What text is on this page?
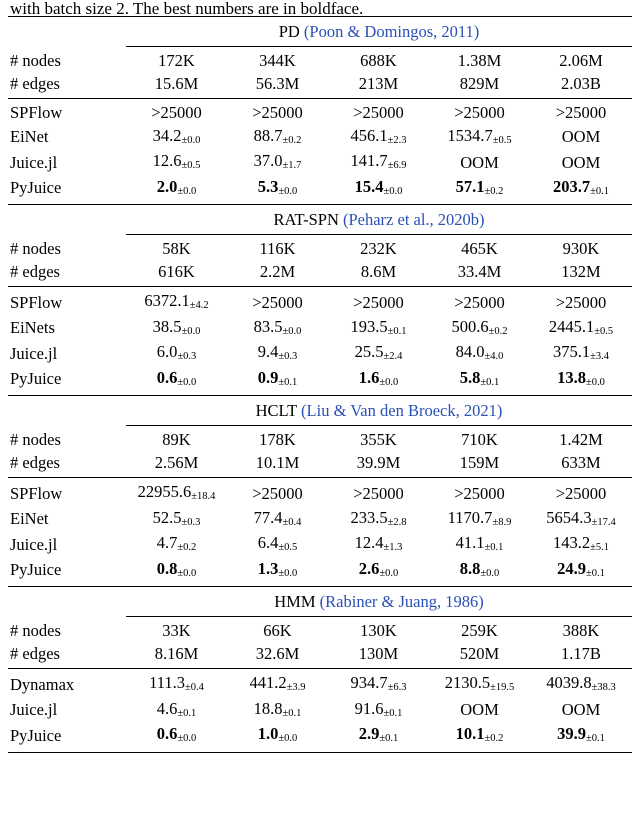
with batch size 2. The best numbers are in boldface.

	PD (Poon & Domingos, 2011)				

# nodes	172K	344K	688K	1.38M	2.06M
# edges	15.6M	56.3M	213M	829M	2.03B

SPFlow	>25000	>25000	>25000	>25000	>25000
EiNet	34.2±0.0	88.7±0.2	456.1±2.3	1534.7±0.5	OOM
Juice.jl	12.6±0.5	37.0±1.7	141.7±6.9	OOM	OOM
PyJuice	2.0±0.0	5.3±0.0	15.4±0.0	57.1±0.2	203.7±0.1

	RAT-SPN (Peharz et al., 2020b)				

# nodes	58K	116K	232K	465K	930K
# edges	616K	2.2M	8.6M	33.4M	132M

SPFlow	6372.1±4.2	>25000	>25000	>25000	>25000
EiNets	38.5±0.0	83.5±0.0	193.5±0.1	500.6±0.2	2445.1±0.5
Juice.jl	6.0±0.3	9.4±0.3	25.5±2.4	84.0±4.0	375.1±3.4
PyJuice	0.6±0.0	0.9±0.1	1.6±0.0	5.8±0.1	13.8±0.0

	HCLT (Liu & Van den Broeck, 2021)				

# nodes	89K	178K	355K	710K	1.42M
# edges	2.56M	10.1M	39.9M	159M	633M

SPFlow	22955.6±18.4	>25000	>25000	>25000	>25000
EiNet	52.5±0.3	77.4±0.4	233.5±2.8	1170.7±8.9	5654.3±17.4
Juice.jl	4.7±0.2	6.4±0.5	12.4±1.3	41.1±0.1	143.2±5.1
PyJuice	0.8±0.0	1.3±0.0	2.6±0.0	8.8±0.0	24.9±0.1

	HMM (Rabiner & Juang, 1986)				

# nodes	33K	66K	130K	259K	388K
# edges	8.16M	32.6M	130M	520M	1.17B

Dynamax	111.3±0.4	441.2±3.9	934.7±6.3	2130.5±19.5	4039.8±38.3
Juice.jl	4.6±0.1	18.8±0.1	91.6±0.1	OOM	OOM
PyJuice	0.6±0.0	1.0±0.0	2.9±0.1	10.1±0.2	39.9±0.1
